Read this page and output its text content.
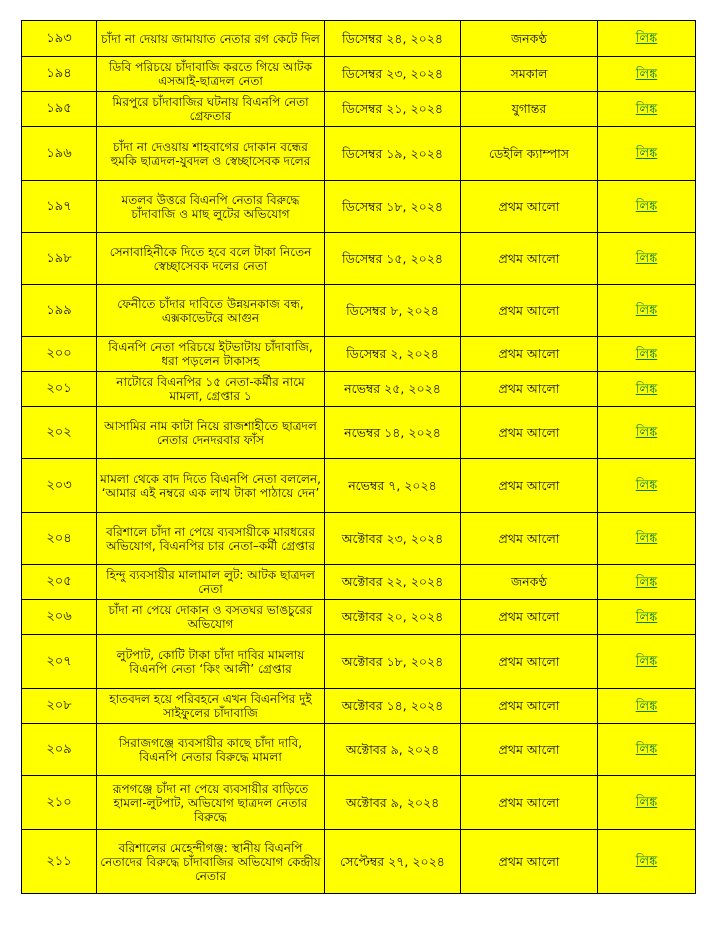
১৯৩	চাঁদা না দেয়ায় জামায়াত নেতার রগ কেটে দিল	ডিসেম্বর ২৪, ২০২৪	জনকণ্ঠ	লিঙ্ক
১৯৪	ডিবি পরিচয়ে চাঁদাবাজি করতে গিয়ে আটক এসআই-ছাত্রদল নেতা	ডিসেম্বর ২৩, ২০২৪	সমকাল	লিঙ্ক
১৯৫	মিরপুরে চাঁদাবাজির ঘটনায় বিএনপি নেতা গ্রেফতার	ডিসেম্বর ২১, ২০২৪	যুগান্তর	লিঙ্ক
১৯৬	চাঁদা না দেওয়ায় শাহবাগের দোকান বন্ধের হুমকি ছাত্রদল-যুবদল ও স্বেচ্ছাসেবক দলের	ডিসেম্বর ১৯, ২০২৪	ডেইলি ক্যাম্পাস	লিঙ্ক
১৯৭	মতলব উত্তরে বিএনপি নেতার বিরুদ্ধে চাঁদাবাজি ও মাছ লুটের অভিযোগ	ডিসেম্বর ১৮, ২০২৪	প্রথম আলো	লিঙ্ক
১৯৮	সেনাবাহিনীকে দিতে হবে বলে টাকা নিতেন স্বেচ্ছাসেবক দলের নেতা	ডিসেম্বর ১৫, ২০২৪	প্রথম আলো	লিঙ্ক
১৯৯	ফেনীতে চাঁদার দাবিতে উন্নয়নকাজ বন্ধ, এক্সকাভেটরে আগুন	ডিসেম্বর ৮, ২০২৪	প্রথম আলো	লিঙ্ক
২০০	বিএনপি নেতা পরিচয়ে ইটভাটায় চাঁদাবাজি, ধরা পড়লেন টাকাসহ	ডিসেম্বর ২, ২০২৪	প্রথম আলো	লিঙ্ক
২০১	নাটোরে বিএনপির ১৫ নেতা-কর্মীর নামে মামলা, গ্রেপ্তার ১	নভেম্বর ২৫, ২০২৪	প্রথম আলো	লিঙ্ক
২০২	আসামির নাম কাটা নিয়ে রাজশাহীতে ছাত্রদল নেতার দেনদরবার ফাঁস	নভেম্বর ১৪, ২০২৪	প্রথম আলো	লিঙ্ক
২০৩	মামলা থেকে বাদ দিতে বিএনপি নেতা বললেন, ‘আমার এই নম্বরে এক লাখ টাকা পাঠায়ে দেন’	নভেম্বর ৭, ২০২৪	প্রথম আলো	লিঙ্ক
২০৪	বরিশালে চাঁদা না পেয়ে ব্যবসায়ীকে মারধরের অভিযোগ, বিএনপির চার নেতা–কর্মী গ্রেপ্তার	অক্টোবর ২৩, ২০২৪	প্রথম আলো	লিঙ্ক
২০৫	হিন্দু ব্যবসায়ীর মালামাল লুট: আটক ছাত্রদল নেতা	অক্টোবর ২২, ২০২৪	জনকণ্ঠ	লিঙ্ক
২০৬	চাঁদা না পেয়ে দোকান ও বসতঘর ভাঙচুরের অভিযোগ	অক্টোবর ২০, ২০২৪	প্রথম আলো	লিঙ্ক
২০৭	লুটপাট, কোটি টাকা চাঁদা দাবির মামলায় বিএনপি নেতা ‘কিং আলী’ গ্রেপ্তার	অক্টোবর ১৮, ২০২৪	প্রথম আলো	লিঙ্ক
২০৮	হাতবদল হয়ে পরিবহনে এখন বিএনপির দুই সাইফুলের চাঁদাবাজি	অক্টোবর ১৪, ২০২৪	প্রথম আলো	লিঙ্ক
২০৯	সিরাজগঞ্জে ব্যবসায়ীর কাছে চাঁদা দাবি, বিএনপি নেতার বিরুদ্ধে মামলা	অক্টোবর ৯, ২০২৪	প্রথম আলো	লিঙ্ক
২১০	রূপগঞ্জে চাঁদা না পেয়ে ব্যবসায়ীর বাড়িতে হামলা-লুটপাট, অভিযোগ ছাত্রদল নেতার বিরুদ্ধে	অক্টোবর ৯, ২০২৪	প্রথম আলো	লিঙ্ক
২১১	বরিশালের মেহেন্দীগঞ্জ: স্থানীয় বিএনপি নেতাদের বিরুদ্ধে চাঁদাবাজির অভিযোগ কেন্দ্রীয় নেতার	সেপ্টেম্বর ২৭, ২০২৪	প্রথম আলো	লিঙ্ক
